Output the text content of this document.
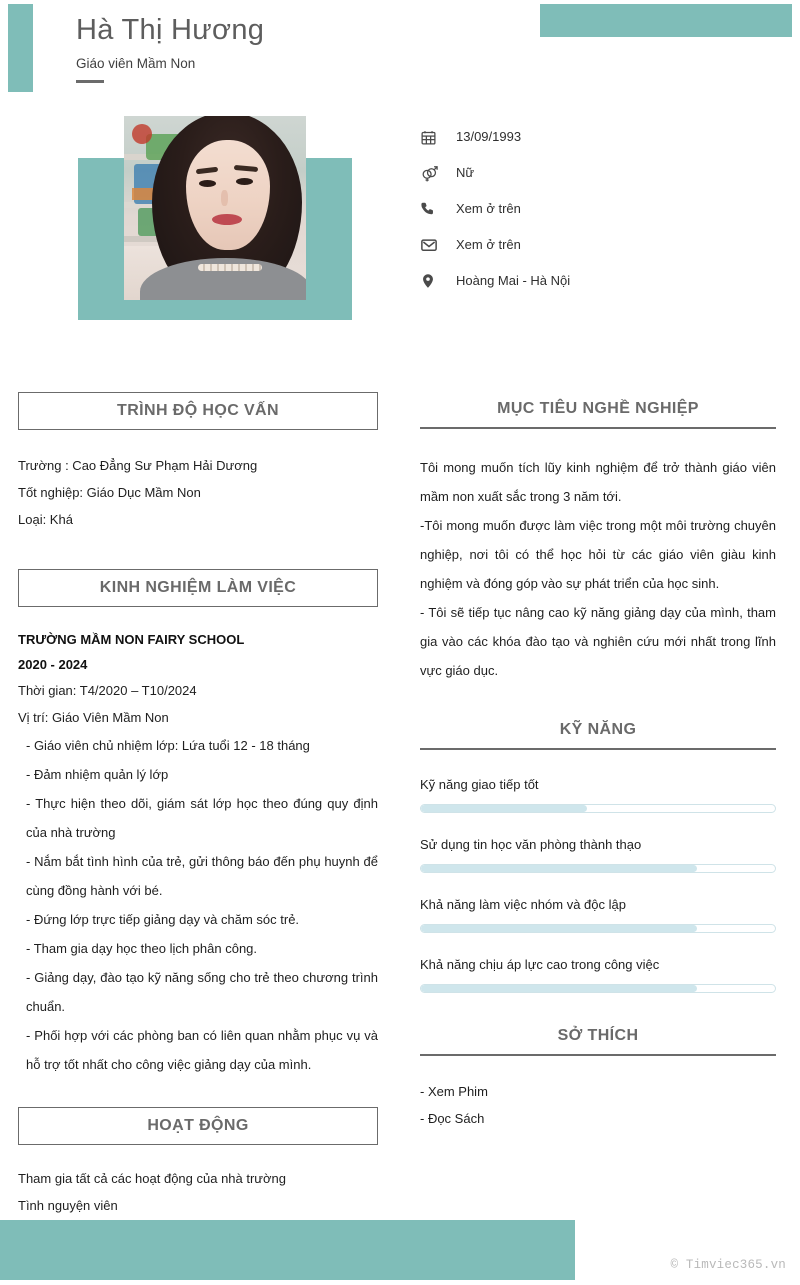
Hà Thị Hương
Giáo viên Mầm Non
13/09/1993
Nữ
Xem ở trên
Xem ở trên
Hoàng Mai - Hà Nội
TRÌNH ĐỘ HỌC VẤN
Trường : Cao Đẳng Sư Phạm Hải Dương
Tốt nghiệp: Giáo Dục Mầm Non
Loại: Khá
KINH NGHIỆM LÀM VIỆC
TRƯỜNG MẦM NON FAIRY SCHOOL
2020 - 2024
Thời gian: T4/2020 – T10/2024
Vị trí: Giáo Viên Mầm Non
- Giáo viên chủ nhiệm lớp: Lứa tuổi 12 - 18 tháng
- Đảm nhiệm quản lý lớp
- Thực hiện theo dõi, giám sát lớp học theo đúng quy định của nhà trường
- Nắm bắt tình hình của trẻ, gửi thông báo đến phụ huynh để cùng đồng hành với bé.
- Đứng lớp trực tiếp giảng dạy và chăm sóc trẻ.
- Tham gia dạy học theo lịch phân công.
- Giảng dạy, đào tạo kỹ năng sống cho trẻ theo chương trình chuẩn.
- Phối hợp với các phòng ban có liên quan nhằm phục vụ và hỗ trợ tốt nhất cho công việc giảng dạy của mình.
HOẠT ĐỘNG
Tham gia tất cả các hoạt động của nhà trường
Tình nguyện viên
MỤC TIÊU NGHỀ NGHIỆP
Tôi mong muốn tích lũy kinh nghiệm để trở thành giáo viên mầm non xuất sắc trong 3 năm tới.
-Tôi mong muốn được làm việc trong một môi trường chuyên nghiệp, nơi tôi có thể học hỏi từ các giáo viên giàu kinh nghiệm và đóng góp vào sự phát triển của học sinh.
- Tôi sẽ tiếp tục nâng cao kỹ năng giảng dạy của mình, tham gia vào các khóa đào tạo và nghiên cứu mới nhất trong lĩnh vực giáo dục.
KỸ NĂNG
Kỹ năng giao tiếp tốt
Sử dụng tin học văn phòng thành thạo
Khả năng làm việc nhóm và độc lập
Khả năng chịu áp lực cao trong công việc
SỞ THÍCH
- Xem Phim
- Đọc Sách
© Timviec365.vn
